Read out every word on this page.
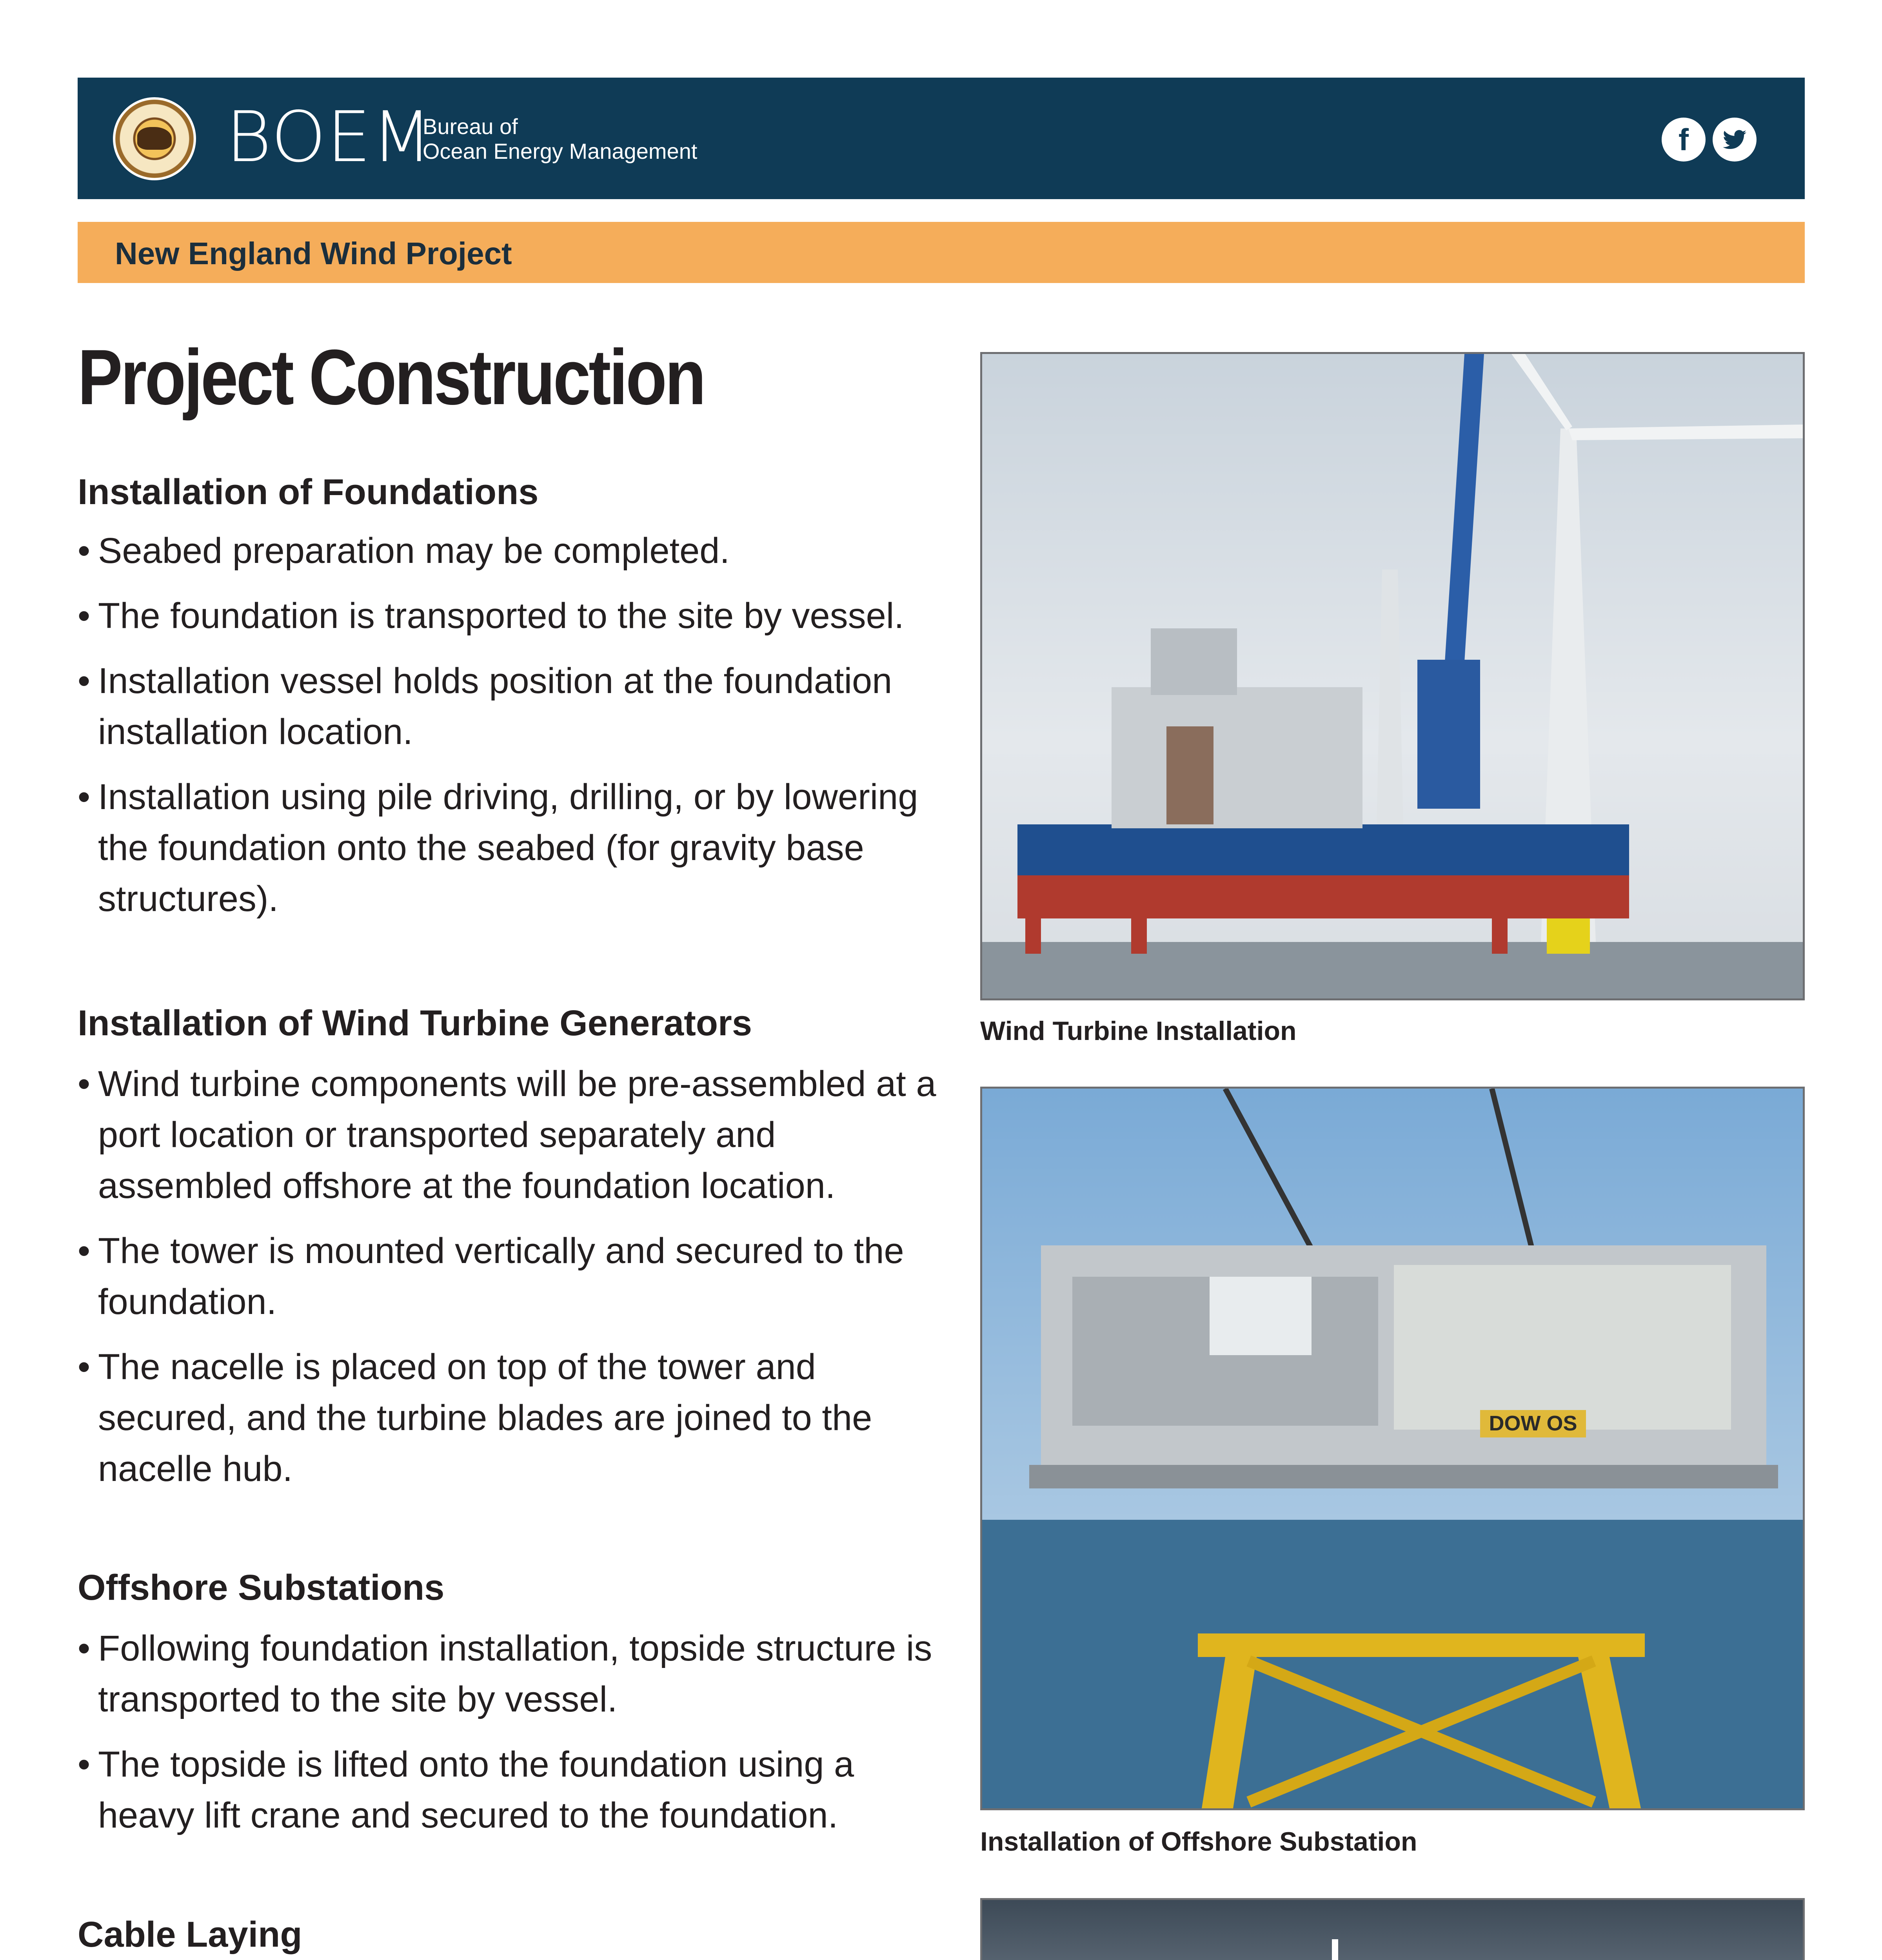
BOEM
Bureau of
Ocean Energy Management	f
New England Wind Project
Project Construction
Installation of Foundations
• Seabed preparation may be completed.
• The foundation is transported to the site by vessel.
• Installation vessel holds position at the foundation installation location.
• Installation using pile driving, drilling, or by lowering the foundation onto the seabed (for gravity base structures).
Installation of Wind Turbine Generators
• Wind turbine components will be pre-assembled at a port location or transported separately and assembled offshore at the foundation location.
• The tower is mounted vertically and secured to the foundation.
• The nacelle is placed on top of the tower and secured, and the turbine blades are joined to the nacelle hub.
Offshore Substations
• Following foundation installation, topside structure is transported to the site by vessel.
• The topside is lifted onto the foundation using a heavy lift crane and secured to the foundation.
Cable Laying
Wind Turbine Installation
DOW OS
Installation of Offshore Substation
